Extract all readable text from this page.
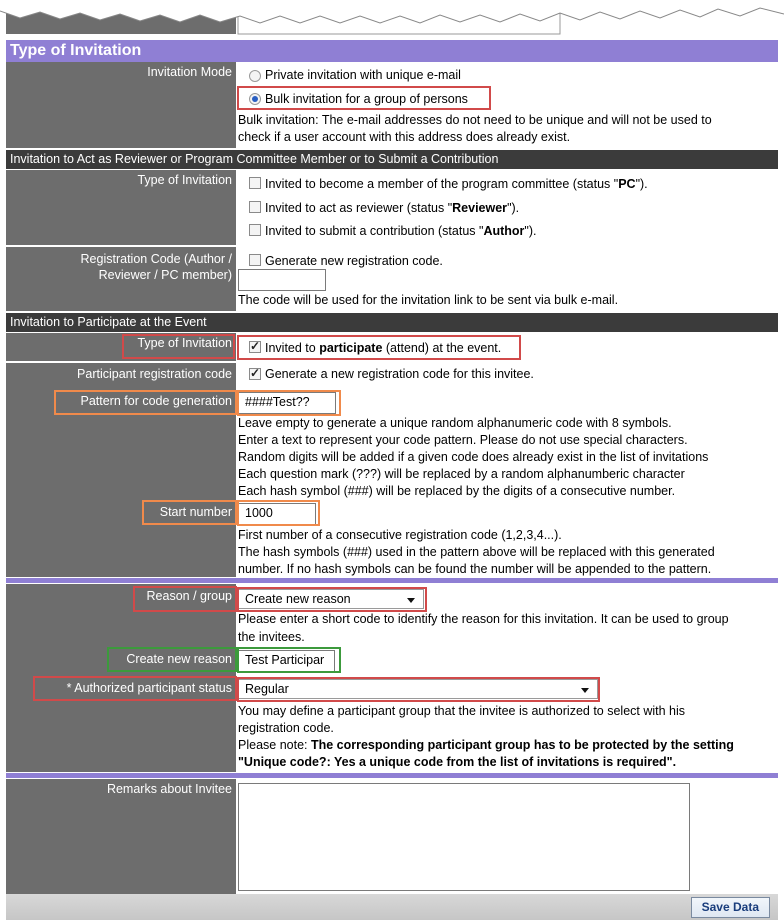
Type of Invitation
Invitation Mode	Private invitation with unique e-mail
Bulk invitation for a group of persons
Bulk invitation: The e-mail addresses do not need to be unique and will not be used to
check if a user account with this address does already exist.
Invitation to Act as Reviewer or Program Committee Member or to Submit a Contribution
Type of Invitation	Invited to become a member of the program committee (status "PC").
Invited to act as reviewer (status "Reviewer").
Invited to submit a contribution (status "Author").
Registration Code (Author /
Reviewer / PC member)
Generate new registration code.
The code will be used for the invitation link to be sent via bulk e-mail.
Invitation to Participate at the Event
Type of Invitation
✓	Invited to participate (attend) at the event.
Participant registration code
Pattern for code generation
Start number
✓
Generate a new registration code for this invitee.
####Test??
Leave empty to generate a unique random alphanumeric code with 8 symbols.
Enter a text to represent your code pattern. Please do not use special characters.
Random digits will be added if a given code does already exist in the list of invitations
Each question mark (???) will be replaced by a random alphanumberic character
Each hash symbol (###) will be replaced by the digits of a consecutive number.
1000
First number of a consecutive registration code (1,2,3,4...).
The hash symbols (###) used in the pattern above will be replaced with this generated
number. If no hash symbols can be found the number will be appended to the pattern.
Reason / group
Create new reason
* Authorized participant status
Create new reason
Please enter a short code to identify the reason for this invitation. It can be used to group
the invitees.
Test Participar
Regular
You may define a participant group that the invitee is authorized to select with his
registration code.
Please note: The corresponding participant group has to be protected by the setting
"Unique code?: Yes a unique code from the list of invitations is required".
Remarks about Invitee
Save Data
